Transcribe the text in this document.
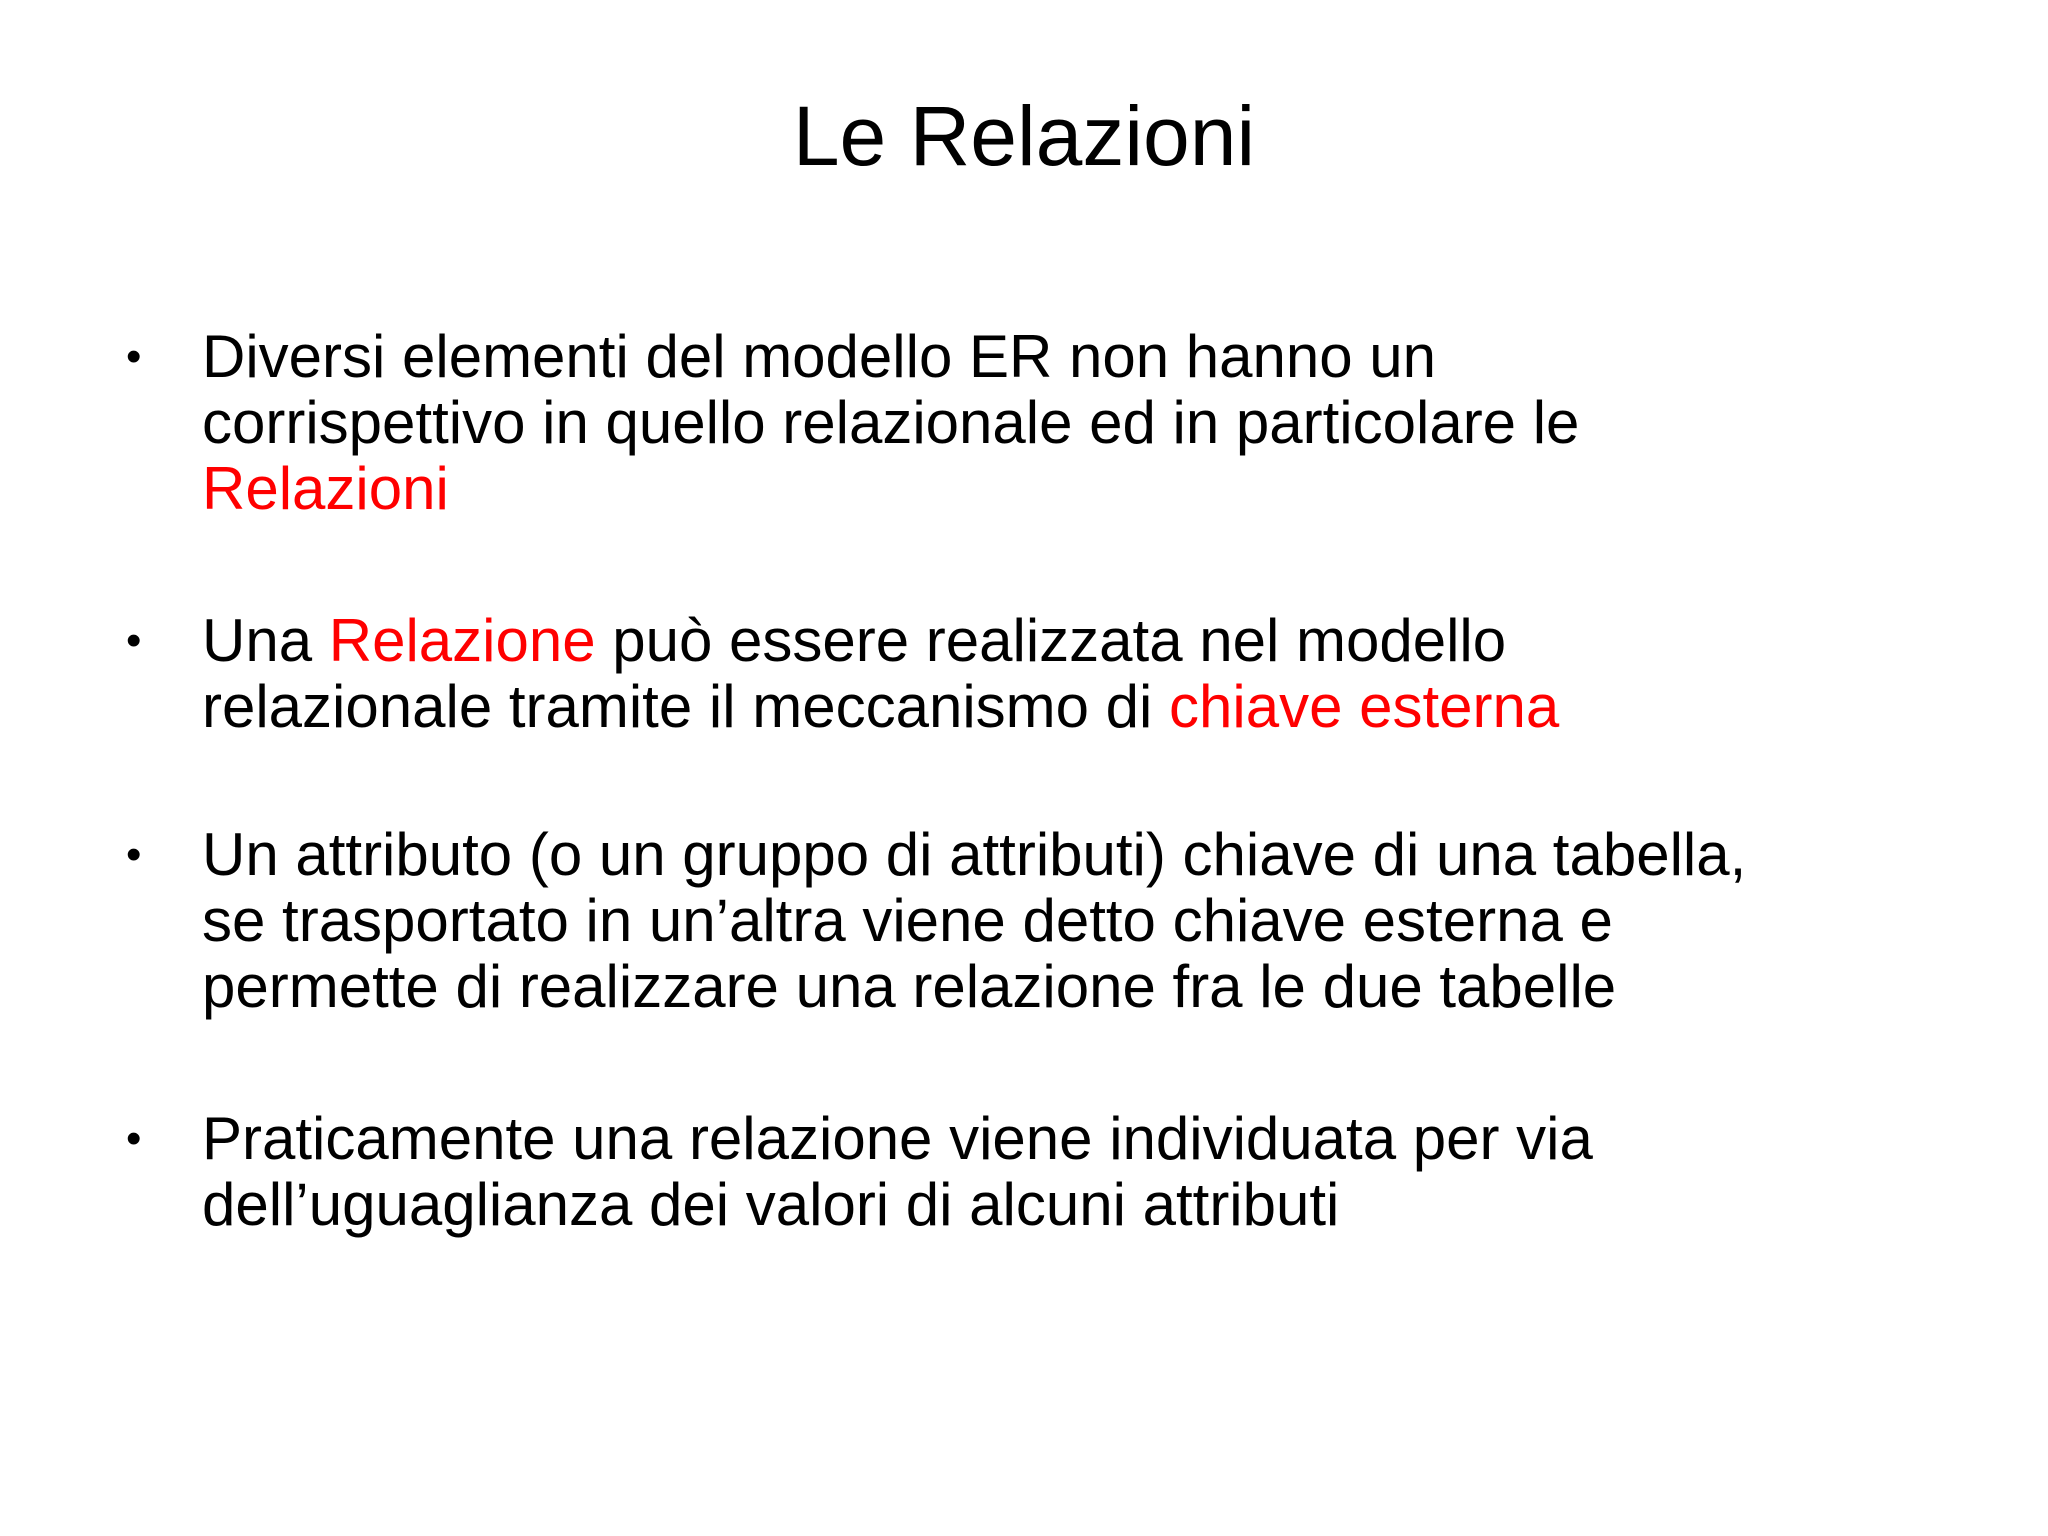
Le Relazioni
• Diversi elementi del modello ER non hanno un
corrispettivo in quello relazionale ed in particolare le
Relazioni
• Una Relazione può essere realizzata nel modello
relazionale tramite il meccanismo di chiave esterna
• Un attributo (o un gruppo di attributi) chiave di una tabella,
se trasportato in un’altra viene detto chiave esterna e
permette di realizzare una relazione fra le due tabelle
• Praticamente una relazione viene individuata per via
dell’uguaglianza dei valori di alcuni attributi
